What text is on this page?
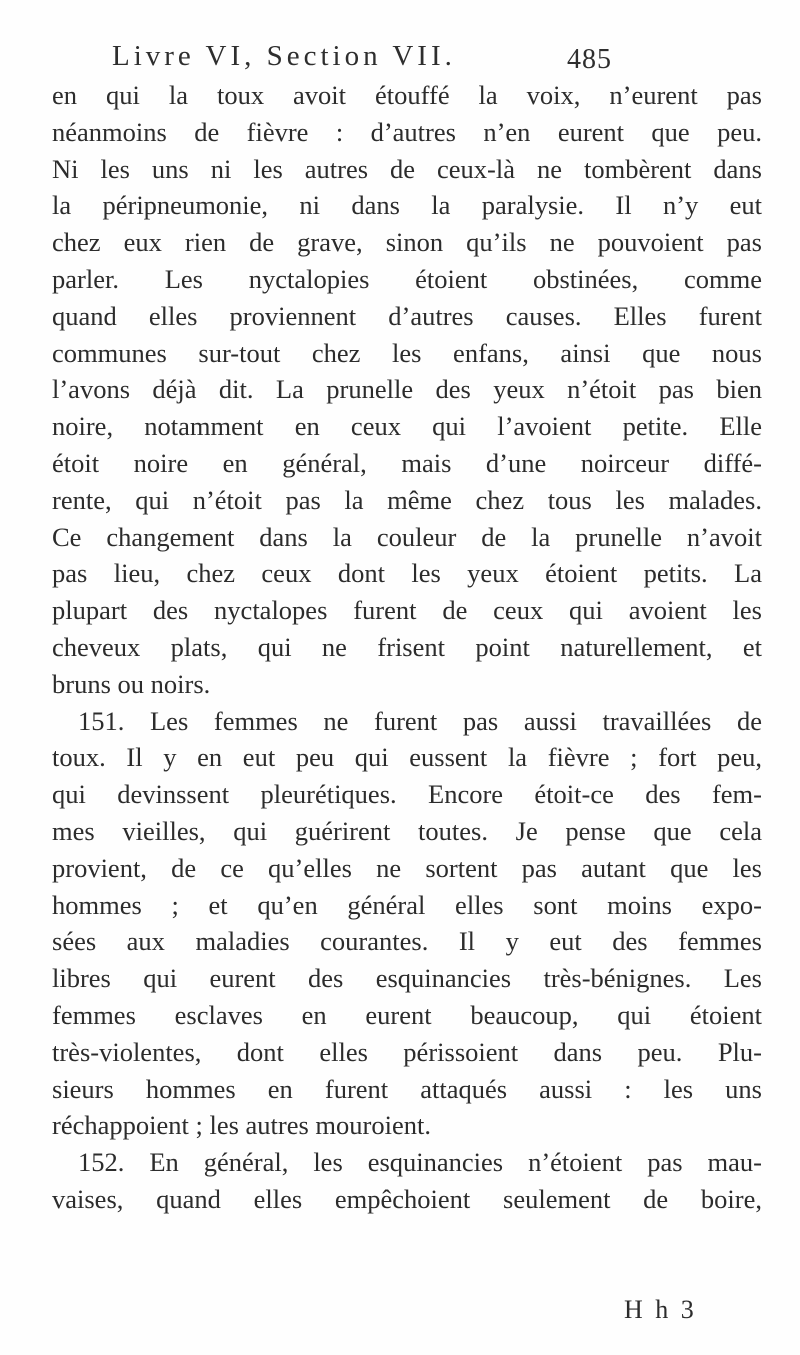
Livre VI, Section VII.	485
en qui la toux avoit étouffé la voix, n’eurent pas
néanmoins de fièvre : d’autres n’en eurent que peu.
Ni les uns ni les autres de ceux-là ne tombèrent dans
la péripneumonie, ni dans la paralysie. Il n’y eut
chez eux rien de grave, sinon qu’ils ne pouvoient pas
parler. Les nyctalopies étoient obstinées, comme
quand elles proviennent d’autres causes. Elles furent
communes sur-tout chez les enfans, ainsi que nous
l’avons déjà dit. La prunelle des yeux n’étoit pas bien
noire, notamment en ceux qui l’avoient petite. Elle
étoit noire en général, mais d’une noirceur diffé-
rente, qui n’étoit pas la même chez tous les malades.
Ce changement dans la couleur de la prunelle n’avoit
pas lieu, chez ceux dont les yeux étoient petits. La
plupart des nyctalopes furent de ceux qui avoient les
cheveux plats, qui ne frisent point naturellement, et
bruns ou noirs.
151. Les femmes ne furent pas aussi travaillées de
toux. Il y en eut peu qui eussent la fièvre ; fort peu,
qui devinssent pleurétiques. Encore étoit-ce des fem-
mes vieilles, qui guérirent toutes. Je pense que cela
provient, de ce qu’elles ne sortent pas autant que les
hommes ; et qu’en général elles sont moins expo-
sées aux maladies courantes. Il y eut des femmes
libres qui eurent des esquinancies très-bénignes. Les
femmes esclaves en eurent beaucoup, qui étoient
très-violentes, dont elles périssoient dans peu. Plu-
sieurs hommes en furent attaqués aussi : les uns
réchappoient ; les autres mouroient.
152. En général, les esquinancies n’étoient pas mau-
vaises, quand elles empêchoient seulement de boire,
H h 3
